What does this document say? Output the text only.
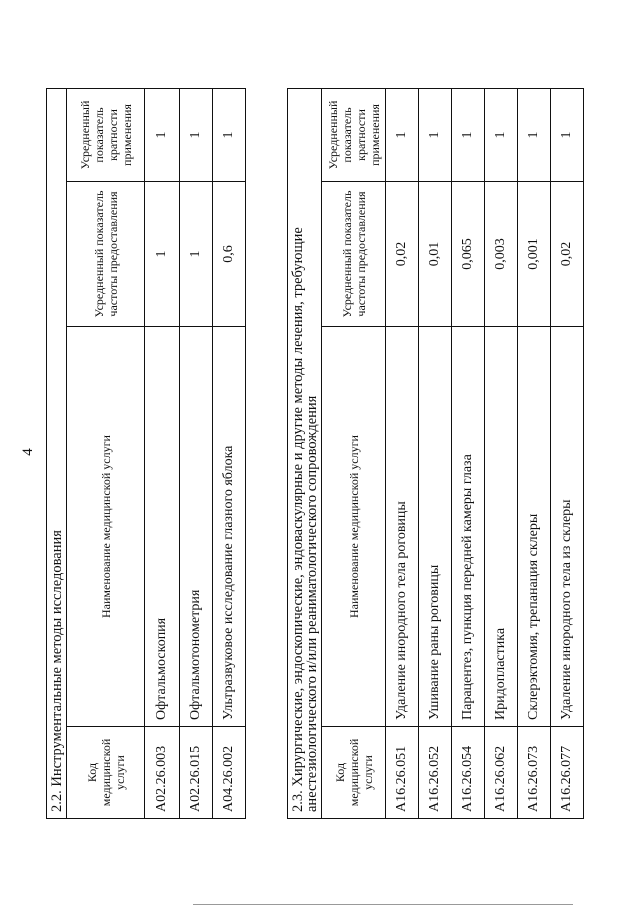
4
2.2. Инструментальные методы исследования			
Код медицинской услуги	Наименование медицинской услуги	Усредненный показатель частоты предоставления	Усредненный показатель кратности применения
A02.26.003	Офтальмоскопия	1	1
A02.26.015	Офтальмотонометрия	1	1
A04.26.002	Ультразвуковое исследование глазного яблока	0,6	1
2.3. Хирургические, эндоскопические, эндоваскулярные и другие методы лечения, требующие анестезиологического и/или реаниматологического сопровождения			
Код медицинской услуги	Наименование медицинской услуги	Усредненный показатель частоты предоставления	Усредненный показатель кратности применения
A16.26.051	Удаление инородного тела роговицы	0,02	1
A16.26.052	Ушивание раны роговицы	0,01	1
A16.26.054	Парацентез, пункция передней камеры глаза	0,065	1
A16.26.062	Иридопластика	0,003	1
A16.26.073	Склерэктомия, трепанация склеры	0,001	1
A16.26.077	Удаление инородного тела из склеры	0,02	1
